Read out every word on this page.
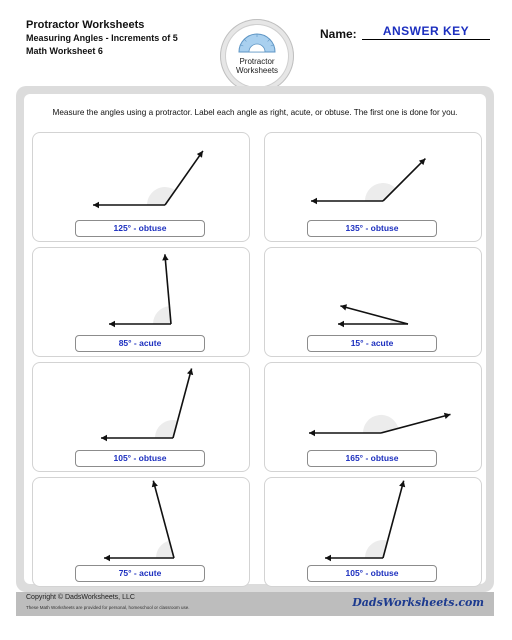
Protractor Worksheets
Measuring Angles - Increments of 5
Math Worksheet 6
Protractor
Worksheets
Name:	ANSWER KEY
Measure the angles using a protractor. Label each angle as right, acute, or obtuse. The first one is done for you.
125° - obtuse	135° - obtuse
85° - acute	15° - acute
105° - obtuse	165° - obtuse
75° - acute	105° - obtuse
Copyright © DadsWorksheets, LLC
These Math Worksheets are provided for personal, homeschool or classroom use.	DadsWorksheets.com
